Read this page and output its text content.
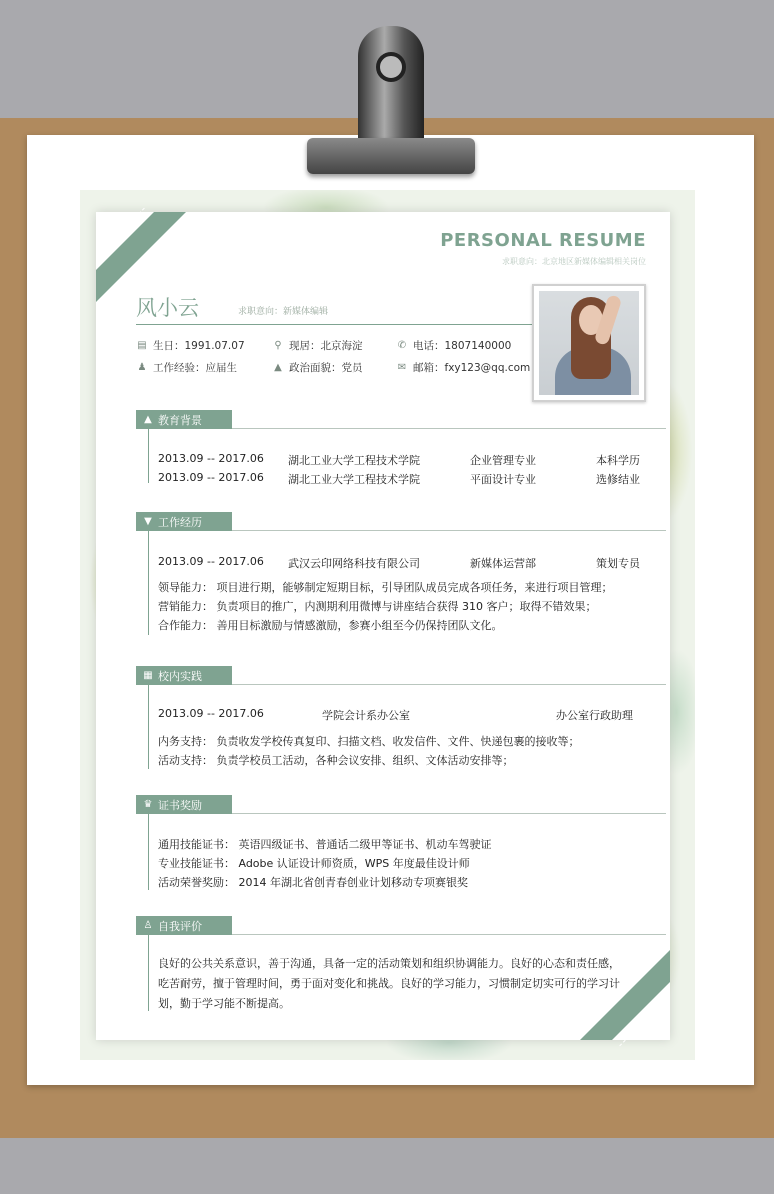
PERSONAL RESUME
求职意向：北京地区新媒体编辑相关岗位
风小云	求职意向：新媒体编辑
▤ 生日：1991.07.07	⚲ 现居：北京海淀	✆ 电话：1807140000
♟ 工作经验：应届生	▲ 政治面貌：党员	✉ 邮箱：fxy123@qq.com
▲ 教育背景
2013.09 -- 2017.06 湖北工业大学工程技术学院	企业管理专业	本科学历
2013.09 -- 2017.06 湖北工业大学工程技术学院	平面设计专业	选修结业
▼ 工作经历
2013.09 -- 2017.06 武汉云印网络科技有限公司	新媒体运营部	策划专员
领导能力： 项目进行期，能够制定短期目标，引导团队成员完成各项任务，来进行项目管理；
营销能力： 负责项目的推广，内测期利用微博与讲座结合获得 310 客户；取得不错效果；
合作能力： 善用目标激励与情感激励，参赛小组至今仍保持团队文化。
▦ 校内实践
2013.09 -- 2017.06	学院会计系办公室	办公室行政助理
内务支持： 负责收发学校传真复印、扫描文档、收发信件、文件、快递包裹的接收等；
活动支持： 负责学校员工活动，各种会议安排、组织、文体活动安排等；
♛ 证书奖励
通用技能证书： 英语四级证书、普通话二级甲等证书、机动车驾驶证
专业技能证书： Adobe 认证设计师资质，WPS 年度最佳设计师
活动荣誉奖励： 2014 年湖北省创青春创业计划移动专项赛银奖
♙ 自我评价
良好的公共关系意识，善于沟通，具备一定的活动策划和组织协调能力。良好的心态和责任感，吃苦耐劳，擅于管理时间，勇于面对变化和挑战。良好的学习能力，习惯制定切实可行的学习计划，勤于学习能不断提高。
